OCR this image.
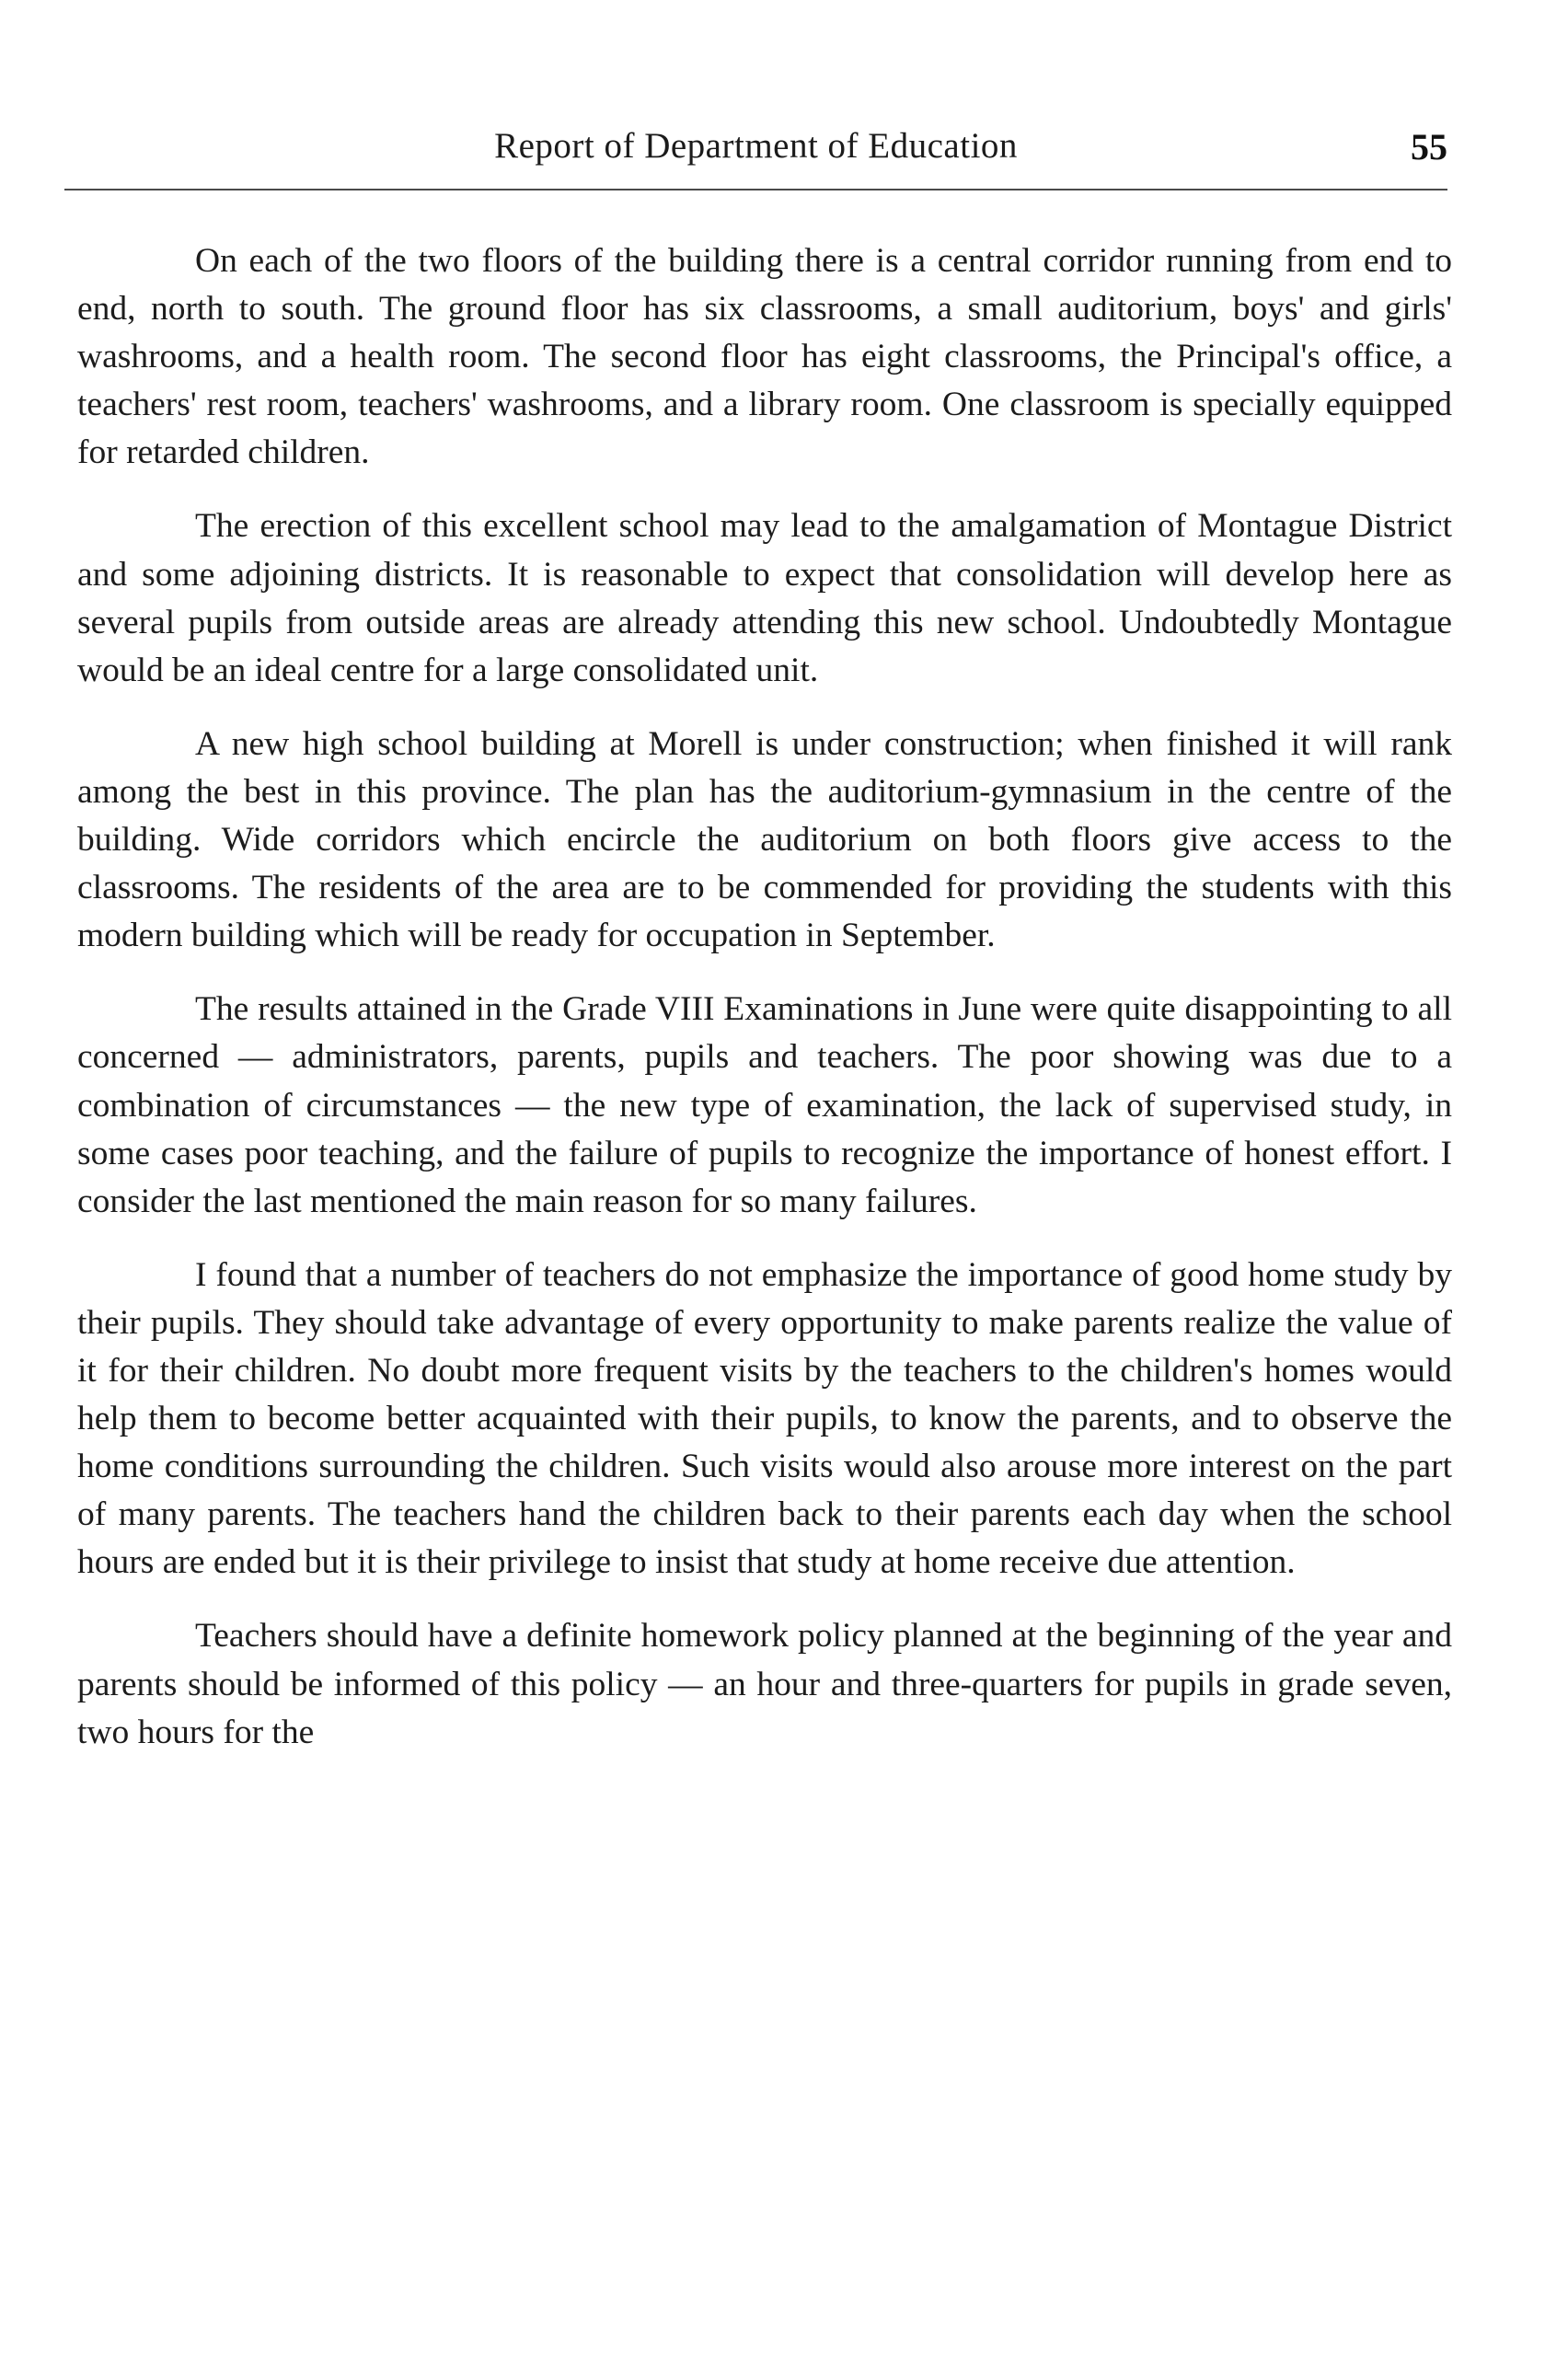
Report of Department of Education	55

On each of the two floors of the building there is a central corridor running from end to end, north to south. The ground floor has six classrooms, a small auditorium, boys' and girls' washrooms, and a health room. The second floor has eight classrooms, the Principal's office, a teachers' rest room, teachers' washrooms, and a library room. One classroom is specially equipped for retarded children.

The erection of this excellent school may lead to the amalgamation of Montague District and some adjoining districts. It is reasonable to expect that consolidation will develop here as several pupils from outside areas are already attending this new school. Undoubtedly Montague would be an ideal centre for a large consolidated unit.

A new high school building at Morell is under construction; when finished it will rank among the best in this province. The plan has the auditorium-gymnasium in the centre of the building. Wide corridors which encircle the auditorium on both floors give access to the classrooms. The residents of the area are to be commended for providing the students with this modern building which will be ready for occupation in September.

The results attained in the Grade VIII Examinations in June were quite disappointing to all concerned — administrators, parents, pupils and teachers. The poor showing was due to a combination of circumstances — the new type of examination, the lack of supervised study, in some cases poor teaching, and the failure of pupils to recognize the importance of honest effort. I consider the last mentioned the main reason for so many failures.

I found that a number of teachers do not emphasize the importance of good home study by their pupils. They should take advantage of every opportunity to make parents realize the value of it for their children. No doubt more frequent visits by the teachers to the children's homes would help them to become better acquainted with their pupils, to know the parents, and to observe the home conditions surrounding the children. Such visits would also arouse more interest on the part of many parents. The teachers hand the children back to their parents each day when the school hours are ended but it is their privilege to insist that study at home receive due attention.

Teachers should have a definite homework policy planned at the beginning of the year and parents should be informed of this policy — an hour and three-quarters for pupils in grade seven, two hours for the
